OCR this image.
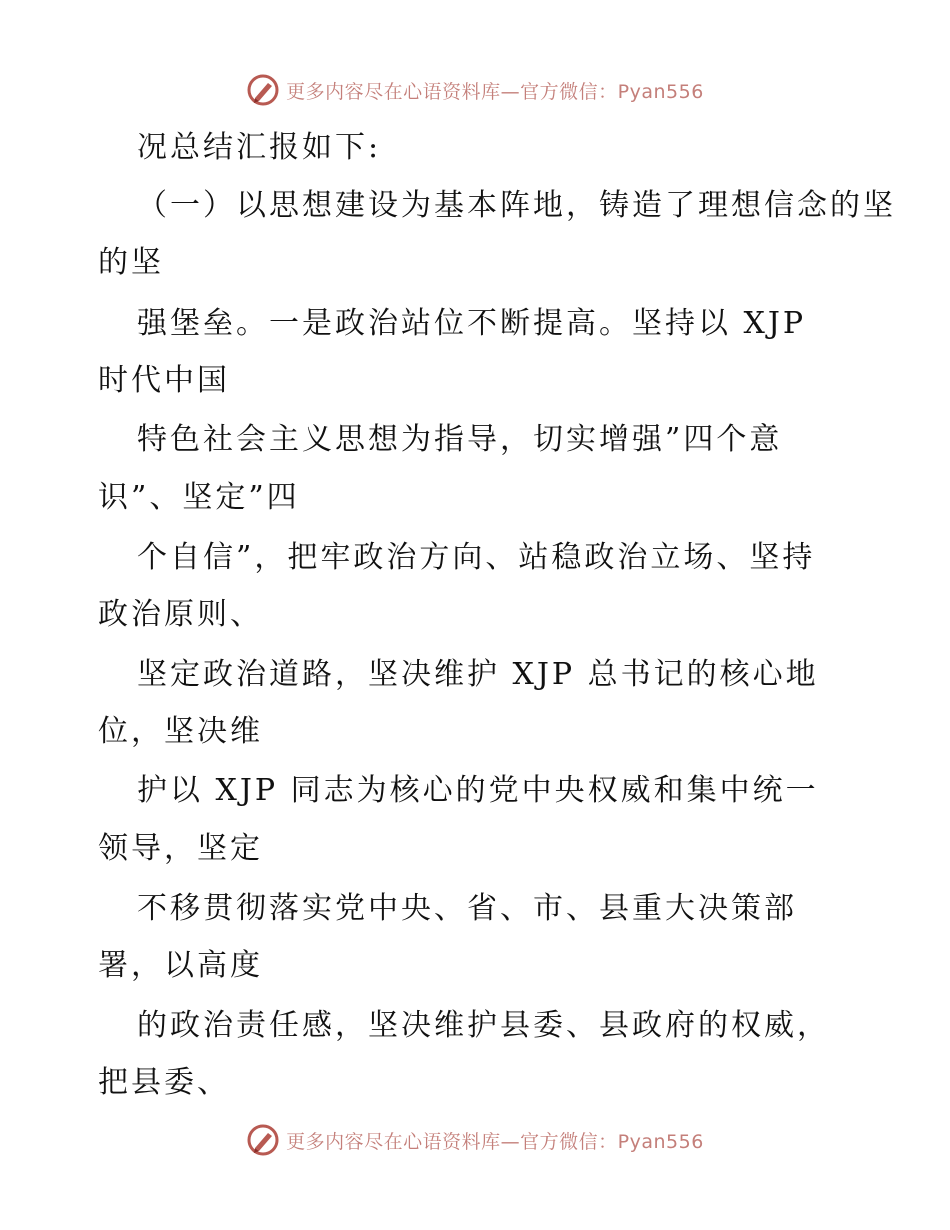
更多内容尽在心语资料库—官方微信：Pyan556
况总结汇报如下:
（一）以思想建设为基本阵地，铸造了理想信念的坚
的坚
强堡垒。一是政治站位不断提高。坚持以 XJP
时代中国
特色社会主义思想为指导，切实增强”四个意
识”、坚定”四
个自信”，把牢政治方向、站稳政治立场、坚持
政治原则、
坚定政治道路，坚决维护 XJP 总书记的核心地
位，坚决维
护以 XJP 同志为核心的党中央权威和集中统一
领导，坚定
不移贯彻落实党中央、省、市、县重大决策部
署，以高度
的政治责任感，坚决维护县委、县政府的权威，
把县委、
更多内容尽在心语资料库—官方微信：Pyan556
